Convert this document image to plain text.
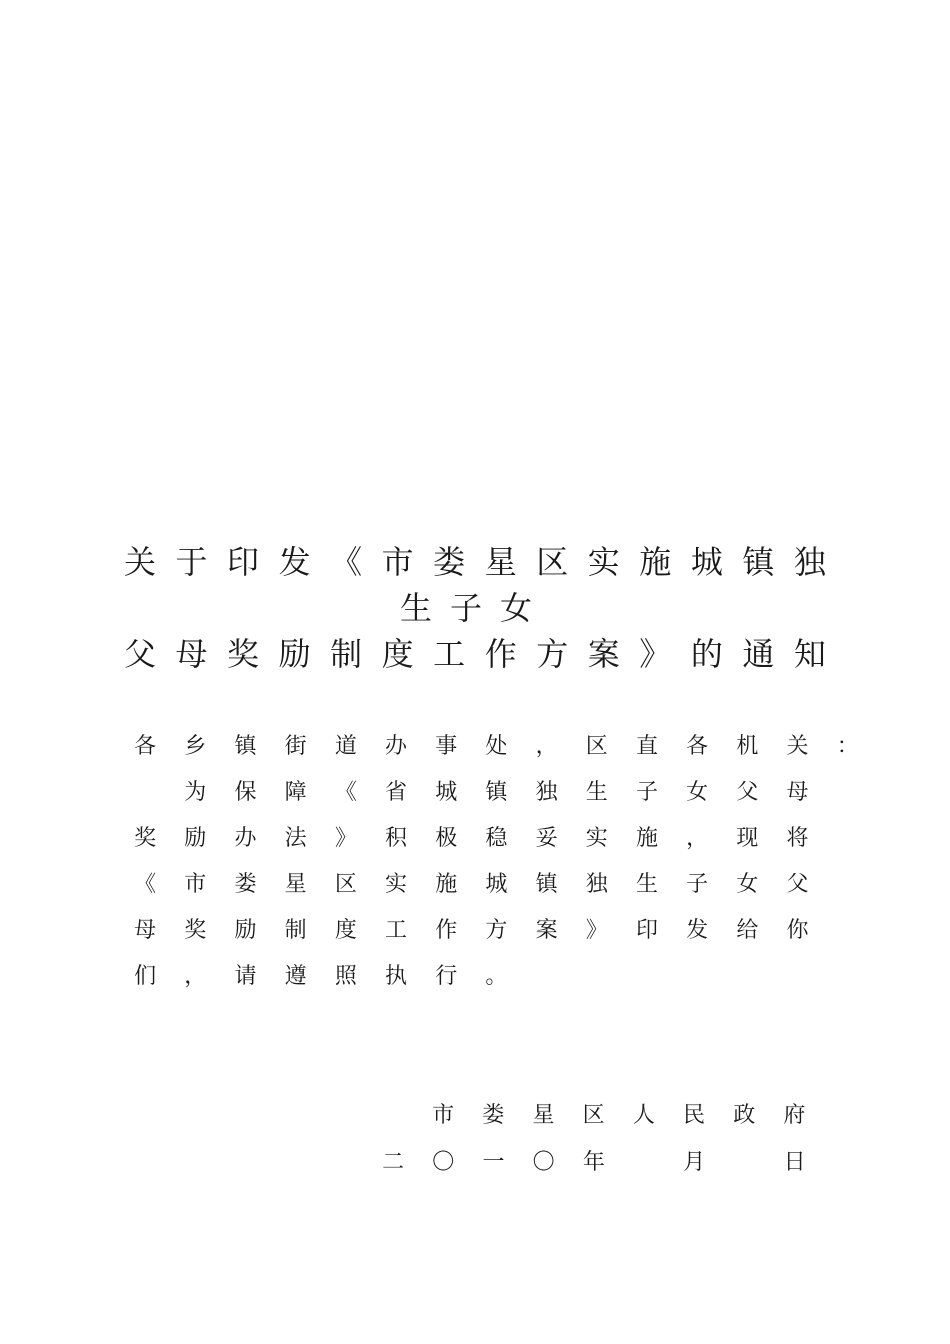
关 于 印 发 《 市 娄 星 区 实 施 城 镇 独
生子女
父 母 奖 励 制 度 工 作 方 案 》 的 通 知
各	乡	镇	街	道	办	事	处	，	区	直	各	机	关	：

为	保	障	《	省	城	镇	独	生	子	女	父	母
奖	励	办	法	》	积	极	稳	妥	实	施	，	现	将
《	市	娄	星	区	实	施	城	镇	独	生	子	女	父
母	奖	励	制	度	工	作	方	案	》	印	发	给	你
们	，	请	遵	照	执	行	。
市	娄	星	区	人	民	政	府
二	〇	一	〇	年
　	月
　	日
